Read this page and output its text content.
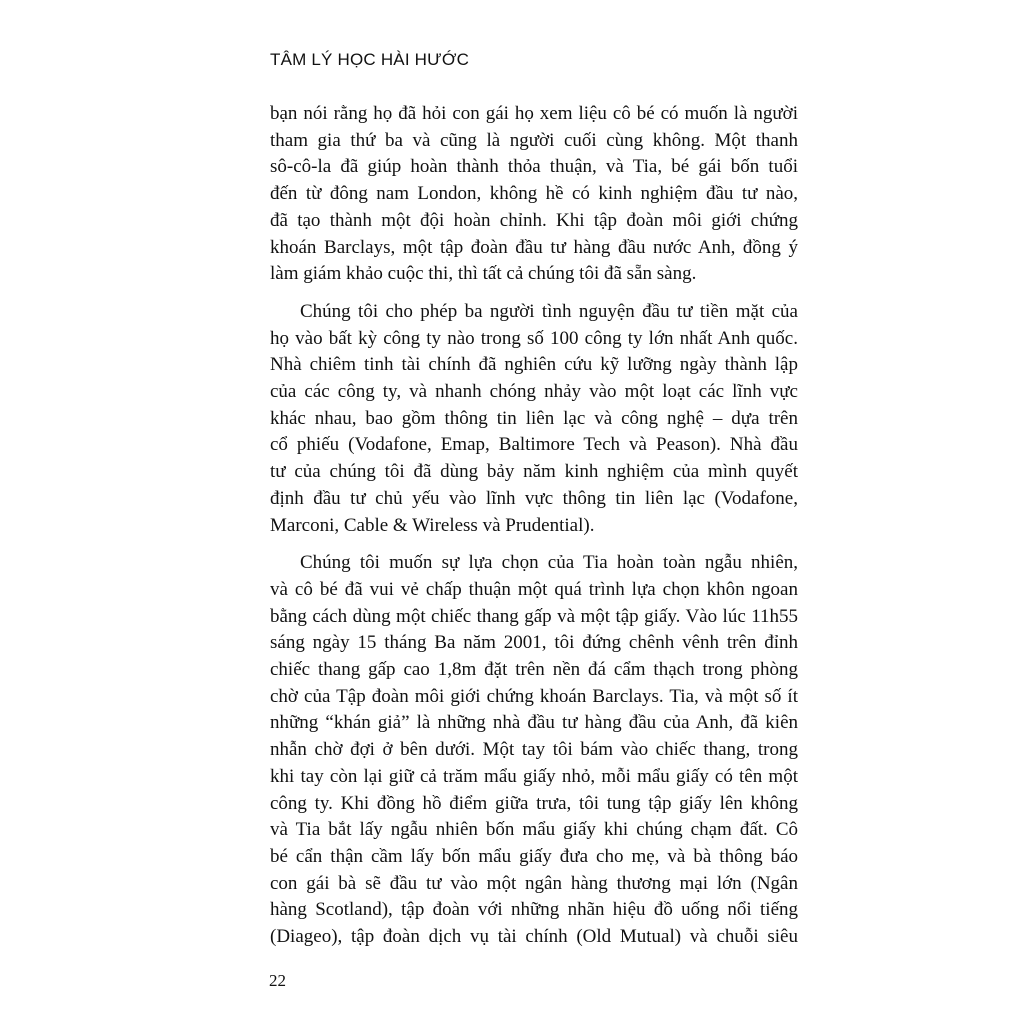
TÂM LÝ HỌC HÀI HƯỚC

bạn nói rằng họ đã hỏi con gái họ xem liệu cô bé có muốn là người
tham gia thứ ba và cũng là người cuối cùng không. Một thanh
sô-cô-la đã giúp hoàn thành thỏa thuận, và Tia, bé gái bốn tuổi
đến từ đông nam London, không hề có kinh nghiệm đầu tư nào,
đã tạo thành một đội hoàn chỉnh. Khi tập đoàn môi giới chứng
khoán Barclays, một tập đoàn đầu tư hàng đầu nước Anh, đồng ý
làm giám khảo cuộc thi, thì tất cả chúng tôi đã sẵn sàng.

Chúng tôi cho phép ba người tình nguyện đầu tư tiền mặt của
họ vào bất kỳ công ty nào trong số 100 công ty lớn nhất Anh quốc.
Nhà chiêm tinh tài chính đã nghiên cứu kỹ lưỡng ngày thành lập
của các công ty, và nhanh chóng nhảy vào một loạt các lĩnh vực
khác nhau, bao gồm thông tin liên lạc và công nghệ – dựa trên
cổ phiếu (Vodafone, Emap, Baltimore Tech và Peason). Nhà đầu
tư của chúng tôi đã dùng bảy năm kinh nghiệm của mình quyết
định đầu tư chủ yếu vào lĩnh vực thông tin liên lạc (Vodafone,
Marconi, Cable & Wireless và Prudential).

Chúng tôi muốn sự lựa chọn của Tia hoàn toàn ngẫu nhiên,
và cô bé đã vui vẻ chấp thuận một quá trình lựa chọn khôn ngoan
bằng cách dùng một chiếc thang gấp và một tập giấy. Vào lúc 11h55
sáng ngày 15 tháng Ba năm 2001, tôi đứng chênh vênh trên đỉnh
chiếc thang gấp cao 1,8m đặt trên nền đá cẩm thạch trong phòng
chờ của Tập đoàn môi giới chứng khoán Barclays. Tia, và một số ít
những “khán giả” là những nhà đầu tư hàng đầu của Anh, đã kiên
nhẫn chờ đợi ở bên dưới. Một tay tôi bám vào chiếc thang, trong
khi tay còn lại giữ cả trăm mẩu giấy nhỏ, mỗi mẩu giấy có tên một
công ty. Khi đồng hồ điểm giữa trưa, tôi tung tập giấy lên không
và Tia bắt lấy ngẫu nhiên bốn mẩu giấy khi chúng chạm đất. Cô
bé cẩn thận cầm lấy bốn mẩu giấy đưa cho mẹ, và bà thông báo
con gái bà sẽ đầu tư vào một ngân hàng thương mại lớn (Ngân
hàng Scotland), tập đoàn với những nhãn hiệu đồ uống nổi tiếng
(Diageo), tập đoàn dịch vụ tài chính (Old Mutual) và chuỗi siêu

22
